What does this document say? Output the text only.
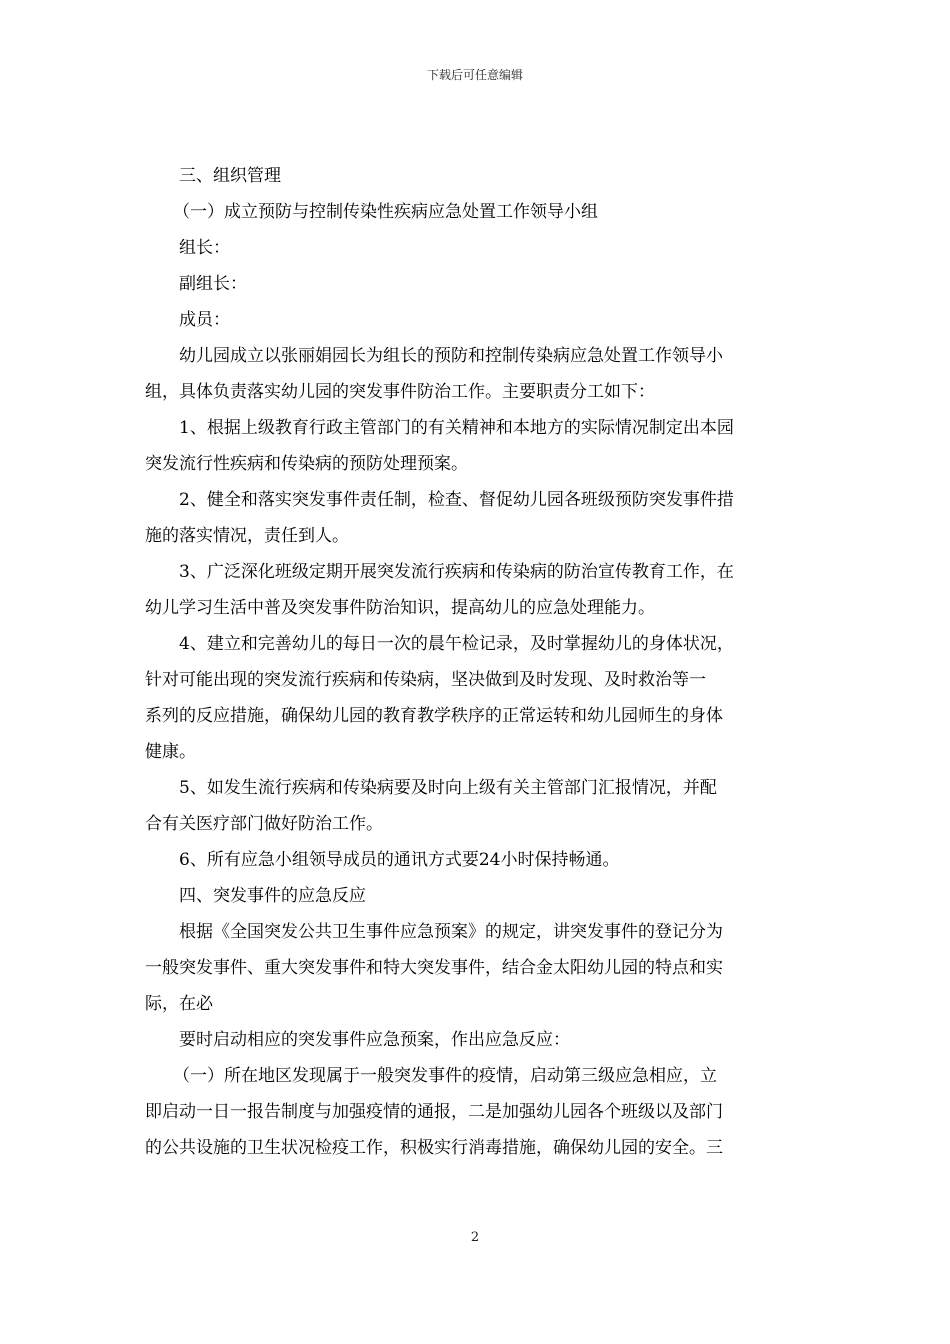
下载后可任意编辑
三、组织管理
（一）成立预防与控制传染性疾病应急处置工作领导小组
组长：
副组长：
成员：
幼儿园成立以张丽娟园长为组长的预防和控制传染病应急处置工作领导小
组，具体负责落实幼儿园的突发事件防治工作。主要职责分工如下：
1、根据上级教育行政主管部门的有关精神和本地方的实际情况制定出本园
突发流行性疾病和传染病的预防处理预案。
2、健全和落实突发事件责任制，检查、督促幼儿园各班级预防突发事件措
施的落实情况，责任到人。
3、广泛深化班级定期开展突发流行疾病和传染病的防治宣传教育工作，在
幼儿学习生活中普及突发事件防治知识，提高幼儿的应急处理能力。
4、建立和完善幼儿的每日一次的晨午检记录，及时掌握幼儿的身体状况，
针对可能出现的突发流行疾病和传染病，坚决做到及时发现、及时救治等一
系列的反应措施，确保幼儿园的教育教学秩序的正常运转和幼儿园师生的身体
健康。
5、如发生流行疾病和传染病要及时向上级有关主管部门汇报情况，并配
合有关医疗部门做好防治工作。
6、所有应急小组领导成员的通讯方式要24小时保持畅通。
四、突发事件的应急反应
根据《全国突发公共卫生事件应急预案》的规定，讲突发事件的登记分为
一般突发事件、重大突发事件和特大突发事件，结合金太阳幼儿园的特点和实
际，在必
要时启动相应的突发事件应急预案，作出应急反应：
（一）所在地区发现属于一般突发事件的疫情，启动第三级应急相应，立
即启动一日一报告制度与加强疫情的通报，二是加强幼儿园各个班级以及部门
的公共设施的卫生状况检疫工作，积极实行消毒措施，确保幼儿园的安全。三
2
